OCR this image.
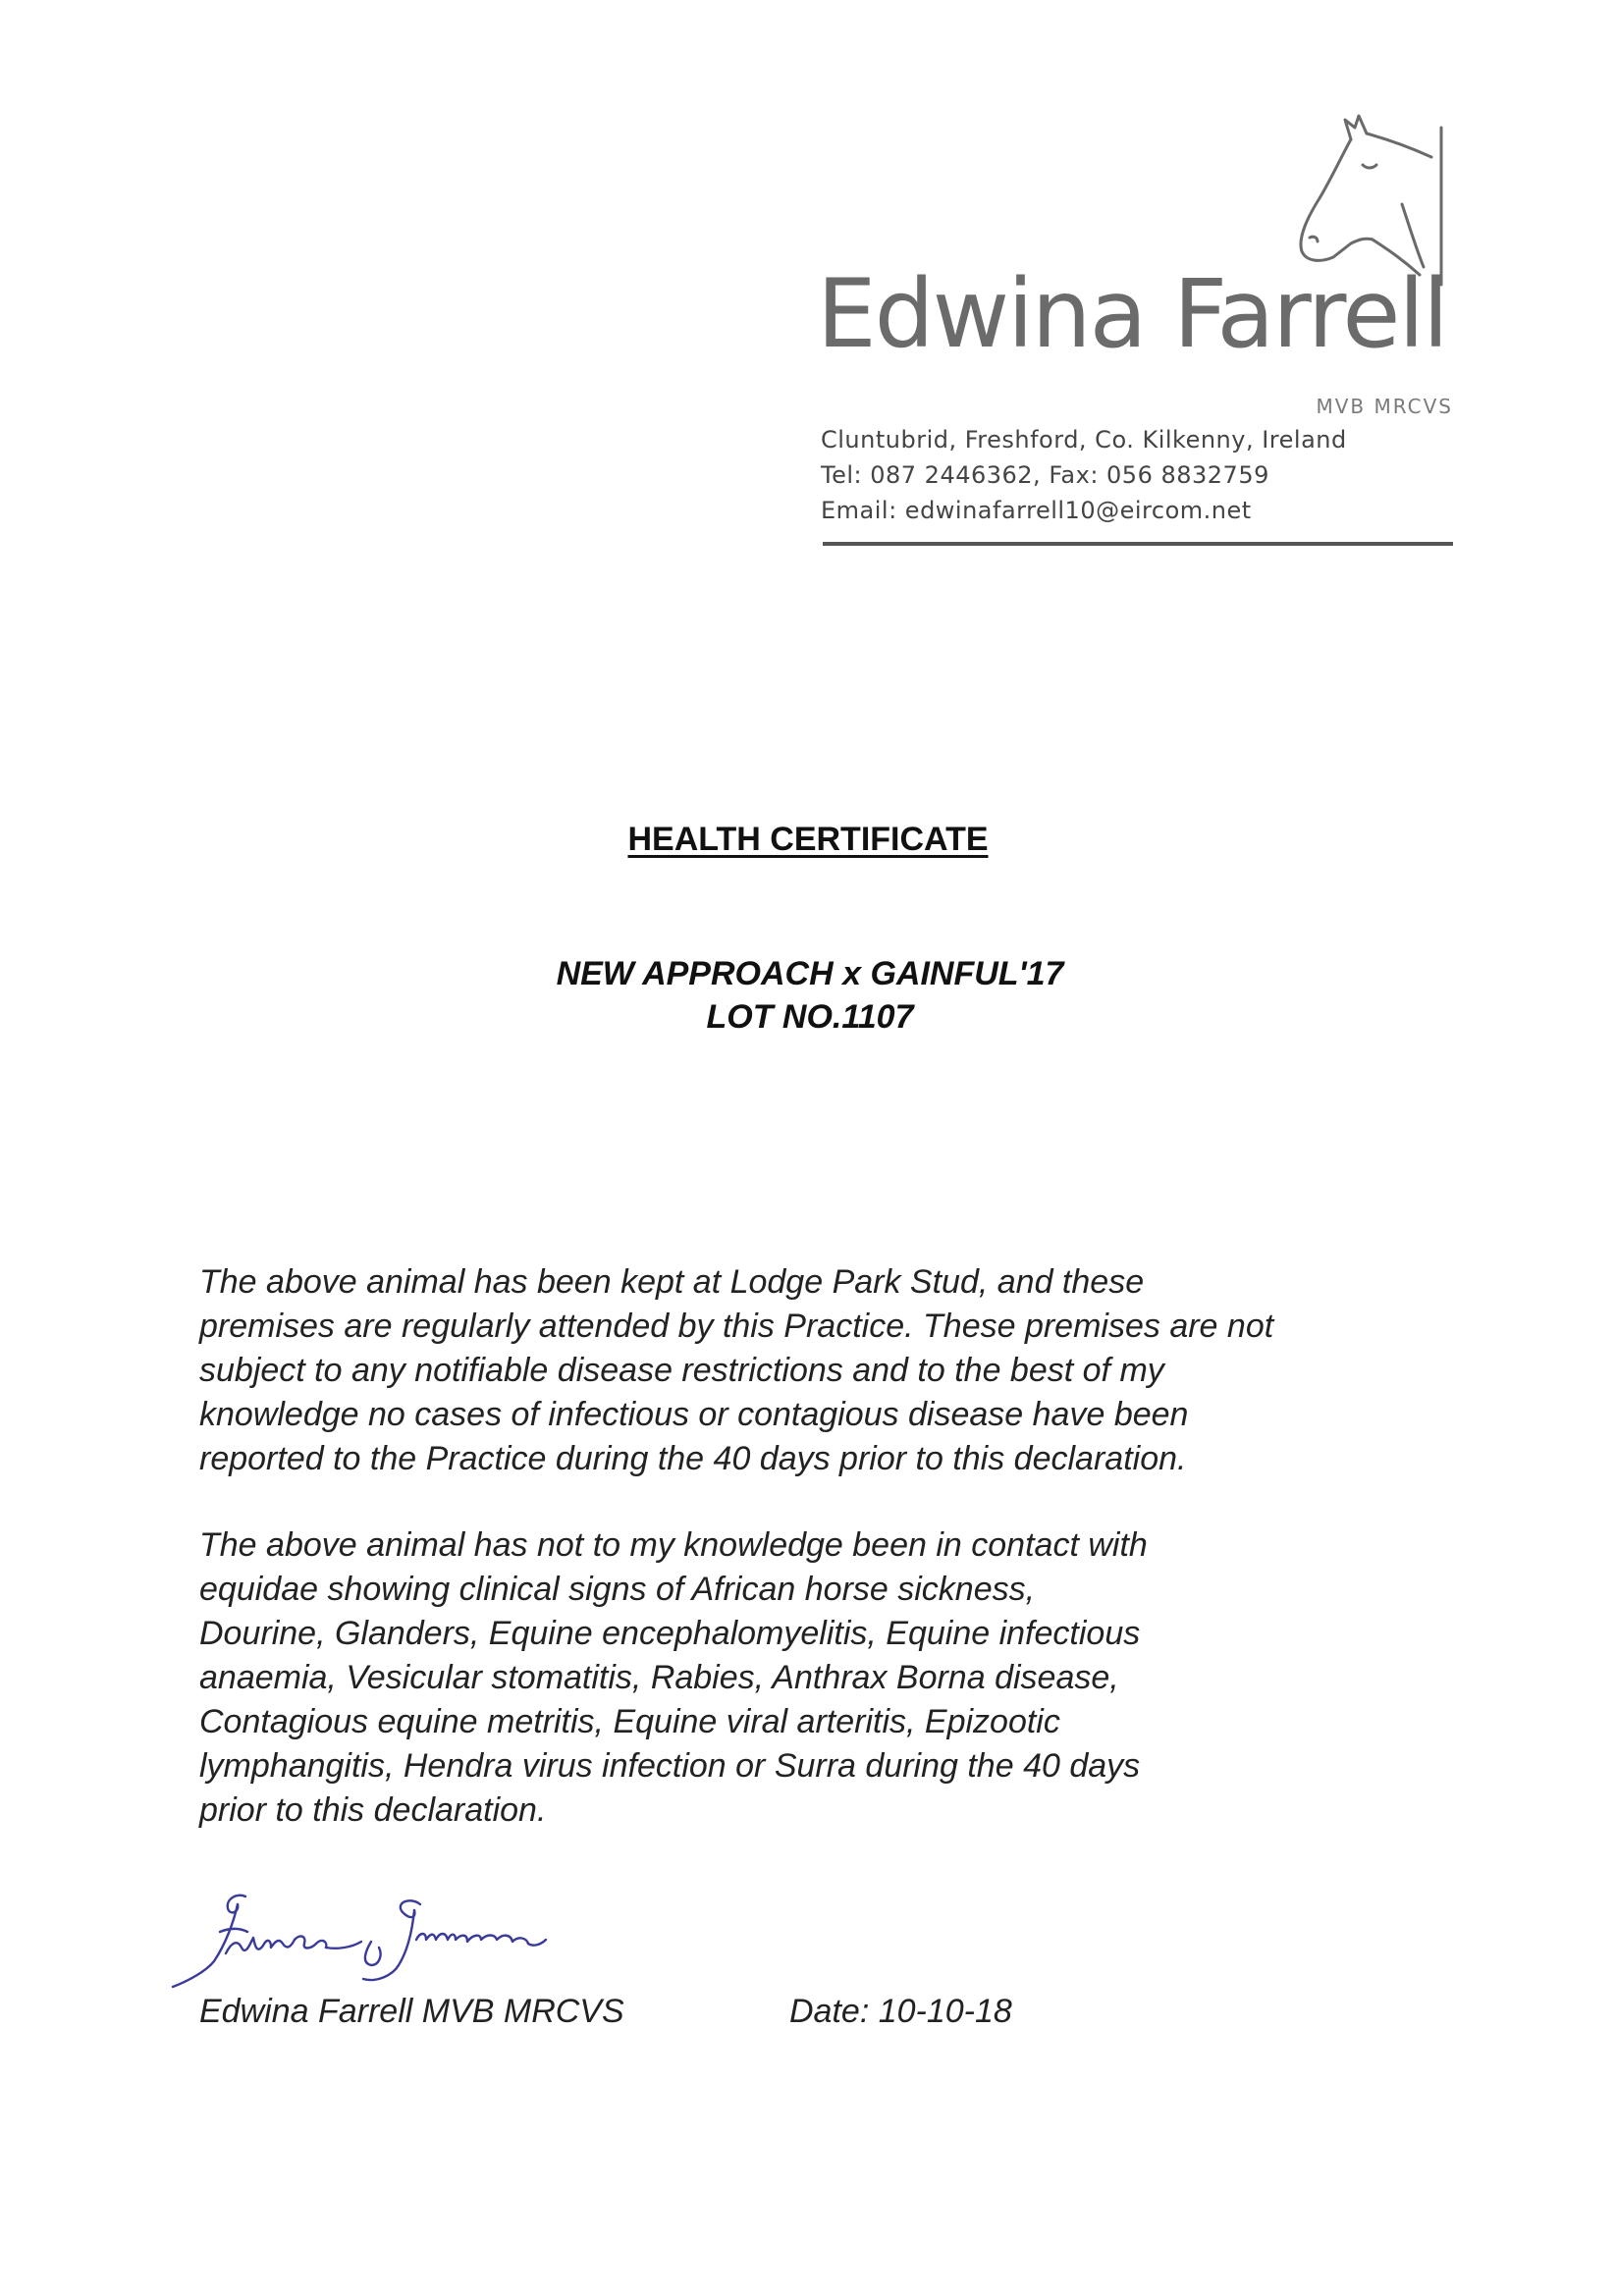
Edwina Farrell
MVB MRCVS
Cluntubrid, Freshford, Co. Kilkenny, Ireland
Tel: 087 2446362, Fax: 056 8832759
Email: edwinafarrell10@eircom.net
HEALTH CERTIFICATE
NEW APPROACH x GAINFUL'17
LOT NO.1107
The above animal has been kept at Lodge Park Stud, and these
premises are regularly attended by this Practice. These premises are not
subject to any notifiable disease restrictions and to the best of my
knowledge no cases of infectious or contagious disease have been
reported to the Practice during the 40 days prior to this declaration.
The above animal has not to my knowledge been in contact with
equidae showing clinical signs of African horse sickness,
Dourine, Glanders, Equine encephalomyelitis, Equine infectious
anaemia, Vesicular stomatitis, Rabies, Anthrax Borna disease,
Contagious equine metritis, Equine viral arteritis, Epizootic
lymphangitis, Hendra virus infection or Surra during the 40 days
prior to this declaration.
Edwina Farrell MVB MRCVS	Date: 10-10-18
